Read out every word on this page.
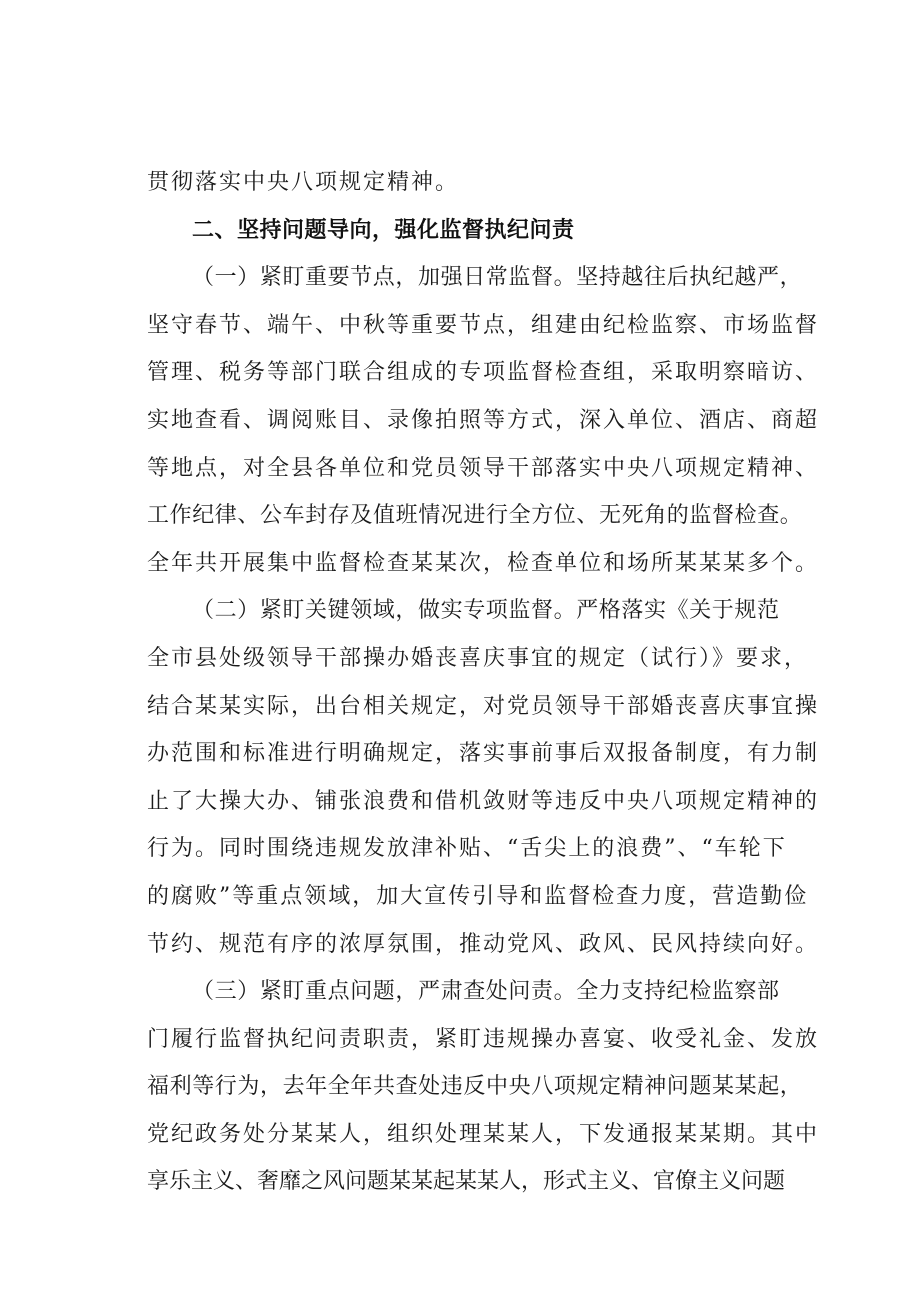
贯彻落实中央八项规定精神。
二、坚持问题导向，强化监督执纪问责
（一）紧盯重要节点，加强日常监督。坚持越往后执纪越严，
坚守春节、端午、中秋等重要节点，组建由纪检监察、市场监督
管理、税务等部门联合组成的专项监督检查组，采取明察暗访、
实地查看、调阅账目、录像拍照等方式，深入单位、酒店、商超
等地点，对全县各单位和党员领导干部落实中央八项规定精神、
工作纪律、公车封存及值班情况进行全方位、无死角的监督检查。
全年共开展集中监督检查某某次，检查单位和场所某某某多个。
（二）紧盯关键领域，做实专项监督。严格落实《关于规范
全市县处级领导干部操办婚丧喜庆事宜的规定（试行）》要求，
结合某某实际，出台相关规定，对党员领导干部婚丧喜庆事宜操
办范围和标准进行明确规定，落实事前事后双报备制度，有力制
止了大操大办、铺张浪费和借机敛财等违反中央八项规定精神的
行为。同时围绕违规发放津补贴、“舌尖上的浪费”、“车轮下
的腐败”等重点领域，加大宣传引导和监督检查力度，营造勤俭
节约、规范有序的浓厚氛围，推动党风、政风、民风持续向好。
（三）紧盯重点问题，严肃查处问责。全力支持纪检监察部
门履行监督执纪问责职责，紧盯违规操办喜宴、收受礼金、发放
福利等行为，去年全年共查处违反中央八项规定精神问题某某起，
党纪政务处分某某人，组织处理某某人，下发通报某某期。其中
享乐主义、奢靡之风问题某某起某某人，形式主义、官僚主义问题
